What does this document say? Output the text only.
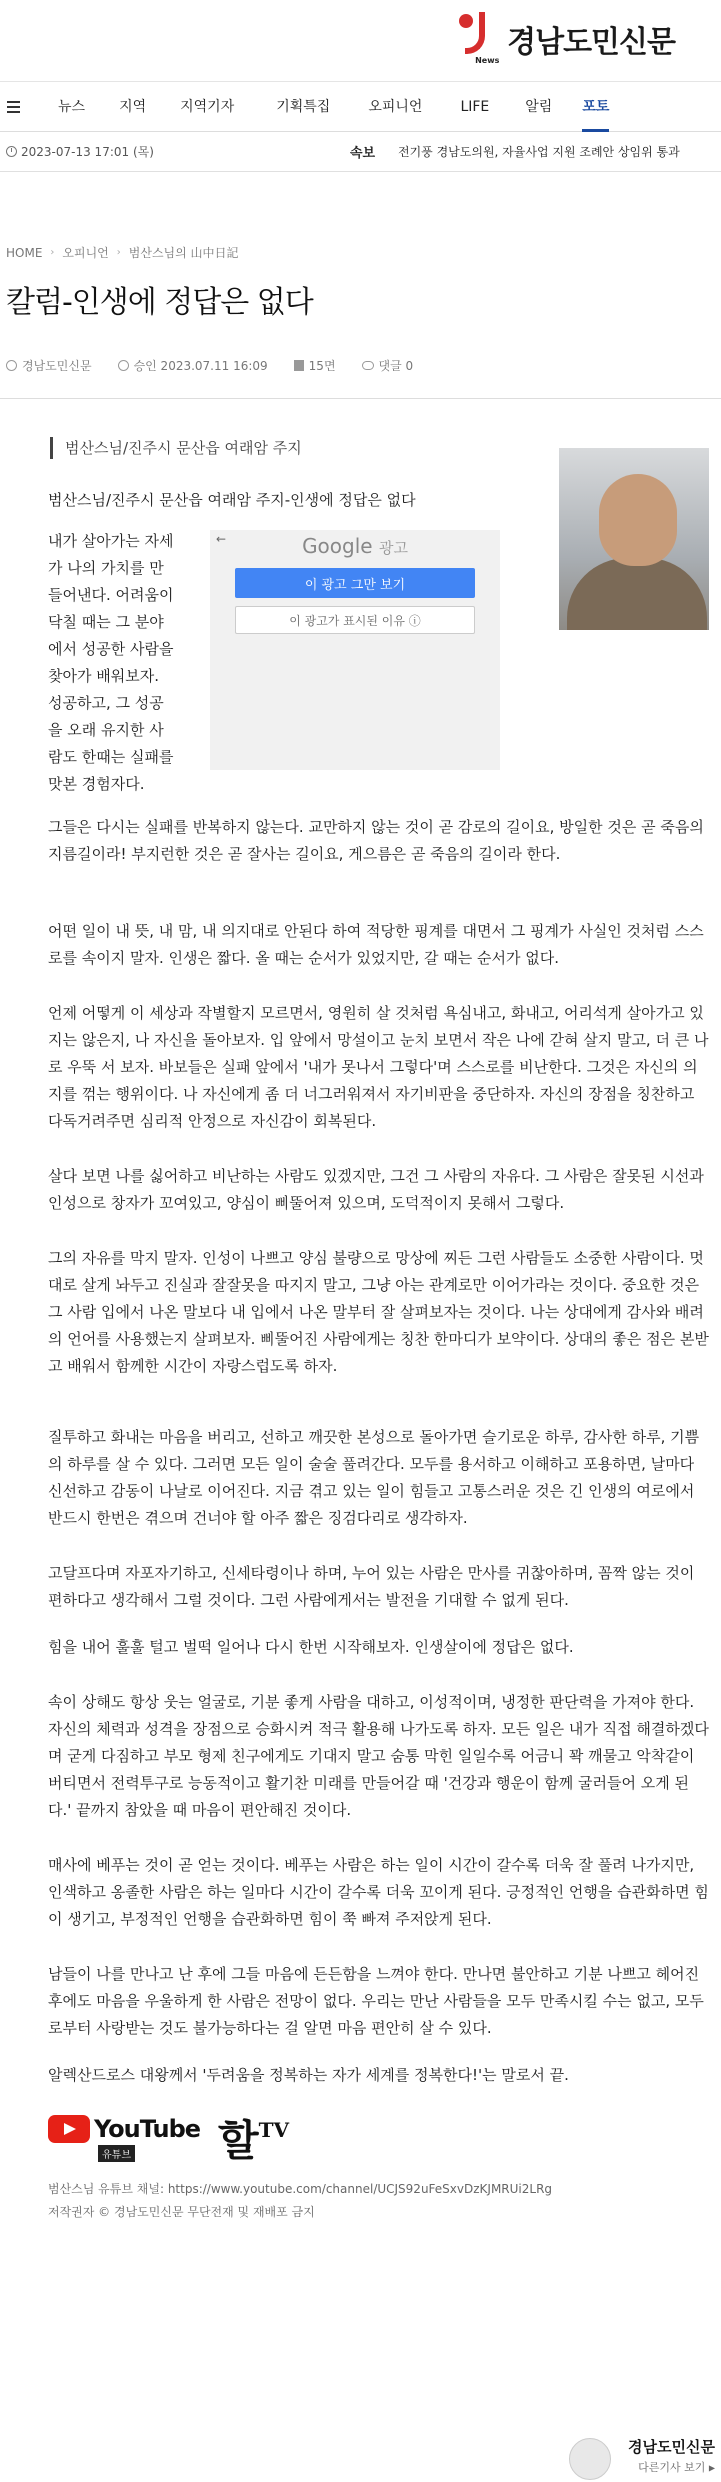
News
경남도민신문
뉴스 지역 지역기자	기획특집	오피니언	LIFE	알림 포토
2023-07-13 17:01 (목)	속보 전기풍 경남도의원, 자율사업 지원 조례안 상임위 통과
HOME › 오피니언 › 범산스님의 山中日記
칼럼-인생에 정답은 없다
경남도민신문	승인 2023.07.11 16:09	15면	댓글 0
범산스님/진주시 문산읍 여래암 주지

범산스님/진주시 문산읍 여래암 주지-인생에 정답은 없다

내가 살아가는 자세가 나의 가치를 만들어낸다. 어려움이 닥칠 때는 그 분야에서 성공한 사람을 찾아가 배워보자. 성공하고, 그 성공을 오래 유지한 사람도 한때는 실패를 맛본 경험자다.

←	Google 광고
이 광고 그만 보기
이 광고가 표시된 이유 ⓘ

그들은 다시는 실패를 반복하지 않는다. 교만하지 않는 것이 곧 감로의 길이요, 방일한 것은 곧 죽음의 지름길이라! 부지런한 것은 곧 잘사는 길이요, 게으름은 곧 죽음의 길이라 한다.

어떤 일이 내 뜻, 내 맘, 내 의지대로 안된다 하여 적당한 핑계를 대면서 그 핑계가 사실인 것처럼 스스로를 속이지 말자. 인생은 짧다. 올 때는 순서가 있었지만, 갈 때는 순서가 없다.

언제 어떻게 이 세상과 작별할지 모르면서, 영원히 살 것처럼 욕심내고, 화내고, 어리석게 살아가고 있지는 않은지, 나 자신을 돌아보자. 입 앞에서 망설이고 눈치 보면서 작은 나에 갇혀 살지 말고, 더 큰 나로 우뚝 서 보자. 바보들은 실패 앞에서 '내가 못나서 그렇다'며 스스로를 비난한다. 그것은 자신의 의지를 꺾는 행위이다. 나 자신에게 좀 더 너그러워져서 자기비판을 중단하자. 자신의 장점을 칭찬하고 다독거려주면 심리적 안정으로 자신감이 회복된다.

살다 보면 나를 싫어하고 비난하는 사람도 있겠지만, 그건 그 사람의 자유다. 그 사람은 잘못된 시선과 인성으로 창자가 꼬여있고, 양심이 삐뚤어져 있으며, 도덕적이지 못해서 그렇다.

그의 자유를 막지 말자. 인성이 나쁘고 양심 불량으로 망상에 찌든 그런 사람들도 소중한 사람이다. 멋대로 살게 놔두고 진실과 잘잘못을 따지지 말고, 그냥 아는 관계로만 이어가라는 것이다. 중요한 것은 그 사람 입에서 나온 말보다 내 입에서 나온 말부터 잘 살펴보자는 것이다. 나는 상대에게 감사와 배려의 언어를 사용했는지 살펴보자. 삐뚤어진 사람에게는 칭찬 한마디가 보약이다. 상대의 좋은 점은 본받고 배워서 함께한 시간이 자랑스럽도록 하자.

질투하고 화내는 마음을 버리고, 선하고 깨끗한 본성으로 돌아가면 슬기로운 하루, 감사한 하루, 기쁨의 하루를 살 수 있다. 그러면 모든 일이 술술 풀려간다. 모두를 용서하고 이해하고 포용하면, 날마다 신선하고 감동이 나날로 이어진다. 지금 겪고 있는 일이 힘들고 고통스러운 것은 긴 인생의 여로에서 반드시 한번은 겪으며 건너야 할 아주 짧은 징검다리로 생각하자.

고달프다며 자포자기하고, 신세타령이나 하며, 누어 있는 사람은 만사를 귀찮아하며, 꼼짝 않는 것이 편하다고 생각해서 그럴 것이다. 그런 사람에게서는 발전을 기대할 수 없게 된다.

힘을 내어 훌훌 털고 벌떡 일어나 다시 한번 시작해보자. 인생살이에 정답은 없다.

속이 상해도 항상 웃는 얼굴로, 기분 좋게 사람을 대하고, 이성적이며, 냉정한 판단력을 가져야 한다. 자신의 체력과 성격을 장점으로 승화시켜 적극 활용해 나가도록 하자. 모든 일은 내가 직접 해결하겠다며 굳게 다짐하고 부모 형제 친구에게도 기대지 말고 숨통 막힌 일일수록 어금니 꽉 깨물고 악착같이 버티면서 전력투구로 능동적이고 활기찬 미래를 만들어갈 때 '건강과 행운이 함께 굴러들어 오게 된다.' 끝까지 참았을 때 마음이 편안해진 것이다.

매사에 베푸는 것이 곧 얻는 것이다. 베푸는 사람은 하는 일이 시간이 갈수록 더욱 잘 풀려 나가지만, 인색하고 옹졸한 사람은 하는 일마다 시간이 갈수록 더욱 꼬이게 된다. 긍정적인 언행을 습관화하면 힘이 생기고, 부정적인 언행을 습관화하면 힘이 쭉 빠져 주저앉게 된다.

남들이 나를 만나고 난 후에 그들 마음에 든든함을 느껴야 한다. 만나면 불안하고 기분 나쁘고 헤어진 후에도 마음을 우울하게 한 사람은 전망이 없다. 우리는 만난 사람들을 모두 만족시킬 수는 없고, 모두로부터 사랑받는 것도 불가능하다는 걸 알면 마음 편안히 살 수 있다.

알렉산드로스 대왕께서 '두려움을 정복하는 자가 세계를 정복한다!'는 말로서 끝.

YouTube
유튜브 할$^{TV}$

범산스님 유튜브 채널: https://www.youtube.com/channel/UCJS92uFeSxvDzKJMRUi2LRg

저작권자 © 경남도민신문 무단전재 및 재배포 금지

경남도민신문
다른기사 보기 ▶
